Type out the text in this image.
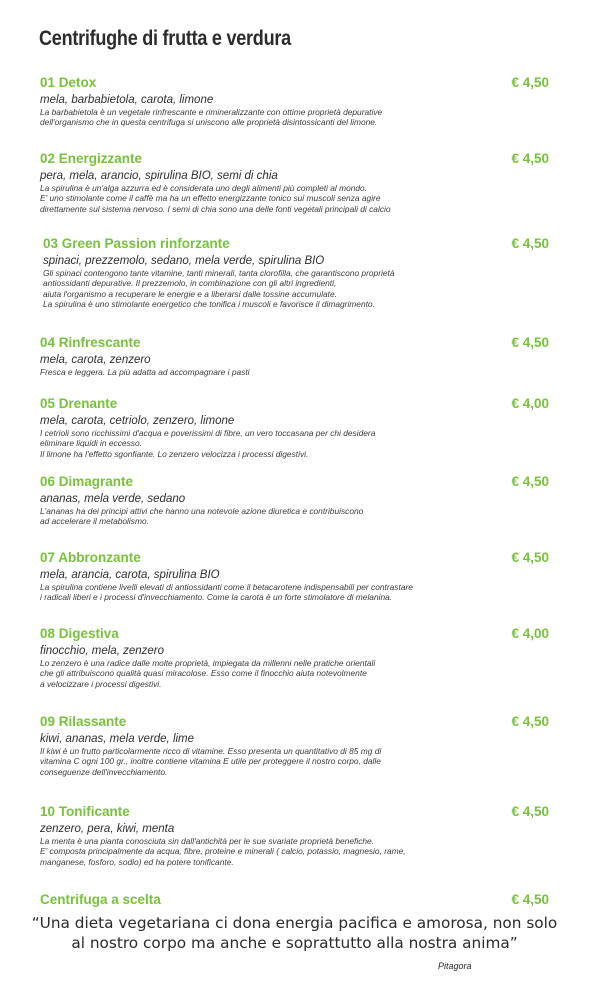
Centrifughe di frutta e verdura
01 Detox	€ 4,50
mela, barbabietola, carota, limone
La barbabietola è un vegetale rinfrescante e rimineralizzante con ottime proprietà depurative
dell'organismo che in questa centrifuga si uniscono alle proprietà disintossicanti del limone.
02 Energizzante	€ 4,50
pera, mela, arancio, spirulina BIO, semi di chia
La spirulina è un'alga azzurra ed è considerata uno degli alimenti più completi al mondo.
E' uno stimolante come il caffè ma ha un effetto energizzante tonico sui muscoli senza agire
direttamente sul sistema nervoso. I semi di chia sono una delle fonti vegetali principali di calcio
03 Green Passion rinforzante	€ 4,50
spinaci, prezzemolo, sedano, mela verde, spirulina BIO
Gli spinaci contengono tante vitamine, tanti minerali, tanta clorofilla, che garantiscono proprietà
antiossidanti depurative. Il prezzemolo, in combinazione con gli altri ingredienti,
aiuta l'organismo a recuperare le energie e a liberarsi dalle tossine accumulate.
La spirulina è uno stimolante energetico che tonifica i muscoli e favorisce il dimagrimento.
04 Rinfrescante	€ 4,50
mela, carota, zenzero
Fresca e leggera. La più adatta ad accompagnare i pasti
05 Drenante	€ 4,00
mela, carota, cetriolo, zenzero, limone
I cetrioli sono ricchissimi d'acqua e poverissimi di fibre, un vero toccasana per chi desidera
eliminare liquidi in eccesso.
Il limone ha l'effetto sgonfiante. Lo zenzero velocizza i processi digestivi.
06 Dimagrante	€ 4,50
ananas, mela verde, sedano
L'ananas ha dei principi attivi che hanno una notevole azione diuretica e contribuiscono
ad accelerare il metabolismo.
07 Abbronzante	€ 4,50
mela, arancia, carota, spirulina BIO
La spirulina contiene livelli elevati di antiossidanti come il betacarotene indispensabili per contrastare
i radicali liberi e i processi d'invecchiamento. Come la carota è un forte stimolatore di melanina.
08 Digestiva	€ 4,00
finocchio, mela, zenzero
Lo zenzero è una radice dalle molte proprietà, impiegata da millenni nelle pratiche orientali
che gli attribuiscono qualità quasi miracolose. Esso come il finocchio aiuta notevolmente
a velocizzare i processi digestivi.
09 Rilassante	€ 4,50
kiwi, ananas, mela verde, lime
Il kiwi è un frutto particolarmente ricco di vitamine. Esso presenta un quantitativo di 85 mg di
vitamina C ogni 100 gr., inoltre contiene vitamina E utile per proteggere il nostro corpo, dalle
conseguenze dell'invecchiamento.
10 Tonificante	€ 4,50
zenzero, pera, kiwi, menta
La menta è una pianta conosciuta sin dall'antichità per le sue svariate proprietà benefiche.
E' composta principalmente da acqua, fibre, proteine e minerali ( calcio, potassio, magnesio, rame,
manganese, fosforo, sodio) ed ha potere tonificante.
Centrifuga a scelta	€ 4,50
“Una dieta vegetariana ci dona energia pacifica e amorosa, non solo
al nostro corpo ma anche e soprattutto alla nostra anima”
Pitagora
